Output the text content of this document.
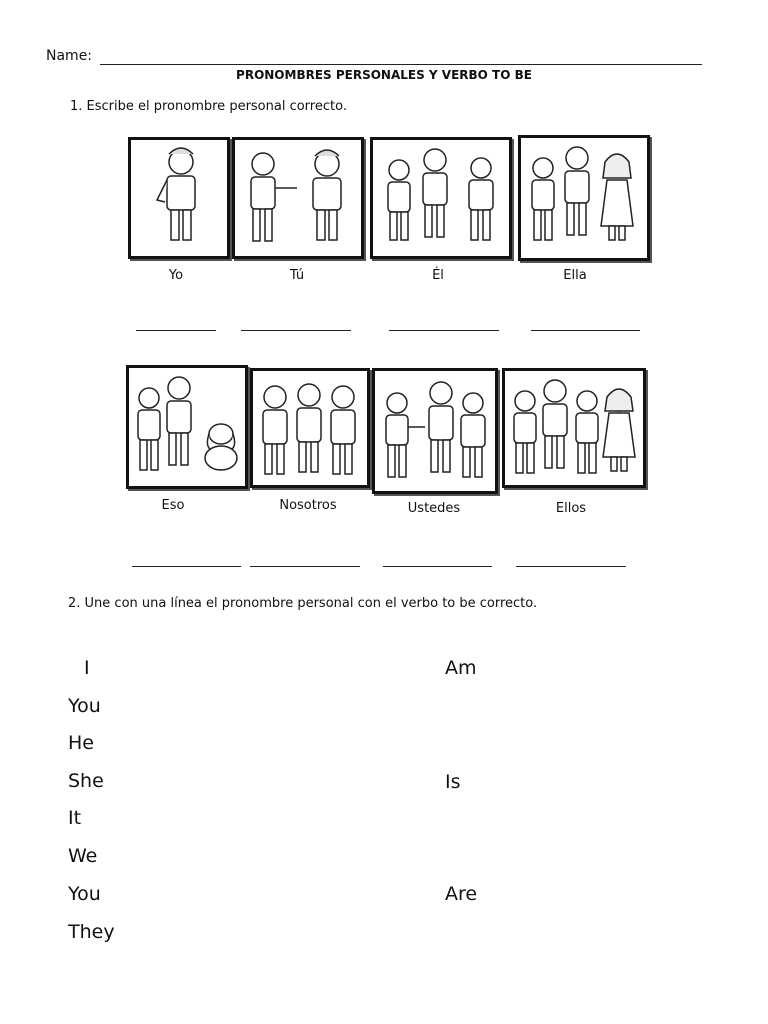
Name:
PRONOMBRES PERSONALES Y VERBO TO BE
1. Escribe el pronombre personal correcto.
Yo	Tú	Él	Ella
Eso	Nosotros	Ustedes	Ellos
2. Une con una línea el pronombre personal con el verbo to be correcto.
I
You
He
She
It
We
You
They
Am
Is
Are
